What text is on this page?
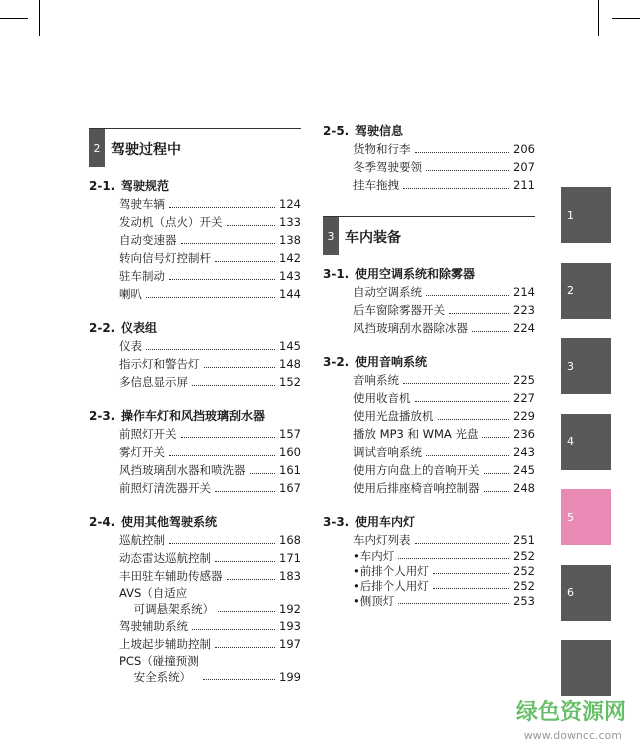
2 驾驶过程中
2-1. 驾驶规范
驾驶车辆	124
发动机（点火）开关	133
自动变速器	138
转向信号灯控制杆	142
驻车制动	143
喇叭	144
2-2. 仪表组
仪表	145
指示灯和警告灯	148
多信息显示屏	152
2-3. 操作车灯和风挡玻璃刮水器
前照灯开关	157
雾灯开关	160
风挡玻璃刮水器和喷洗器	161
前照灯清洗器开关	167
2-4. 使用其他驾驶系统
巡航控制	168
动态雷达巡航控制	171
丰田驻车辅助传感器	183
AVS（自适应
可调悬架系统）	192
驾驶辅助系统	193
上坡起步辅助控制	197
PCS（碰撞预测
安全系统）	199
2-5. 驾驶信息
货物和行李	206
冬季驾驶要领	207
挂车拖拽	211
3 车内装备
3-1. 使用空调系统和除雾器
自动空调系统	214
后车窗除雾器开关	223
风挡玻璃刮水器除冰器	224
3-2. 使用音响系统
音响系统	225
使用收音机	227
使用光盘播放机	229
播放 MP3 和 WMA 光盘	236
调试音响系统	243
使用方向盘上的音响开关	245
使用后排座椅音响控制器	248
3-3. 使用车内灯
车内灯列表	251
•车内灯	252
•前排个人用灯	252
•后排个人用灯	252
•侧顶灯	253
1
2
3
4
5
6
绿色资源网
www.downcc.com
